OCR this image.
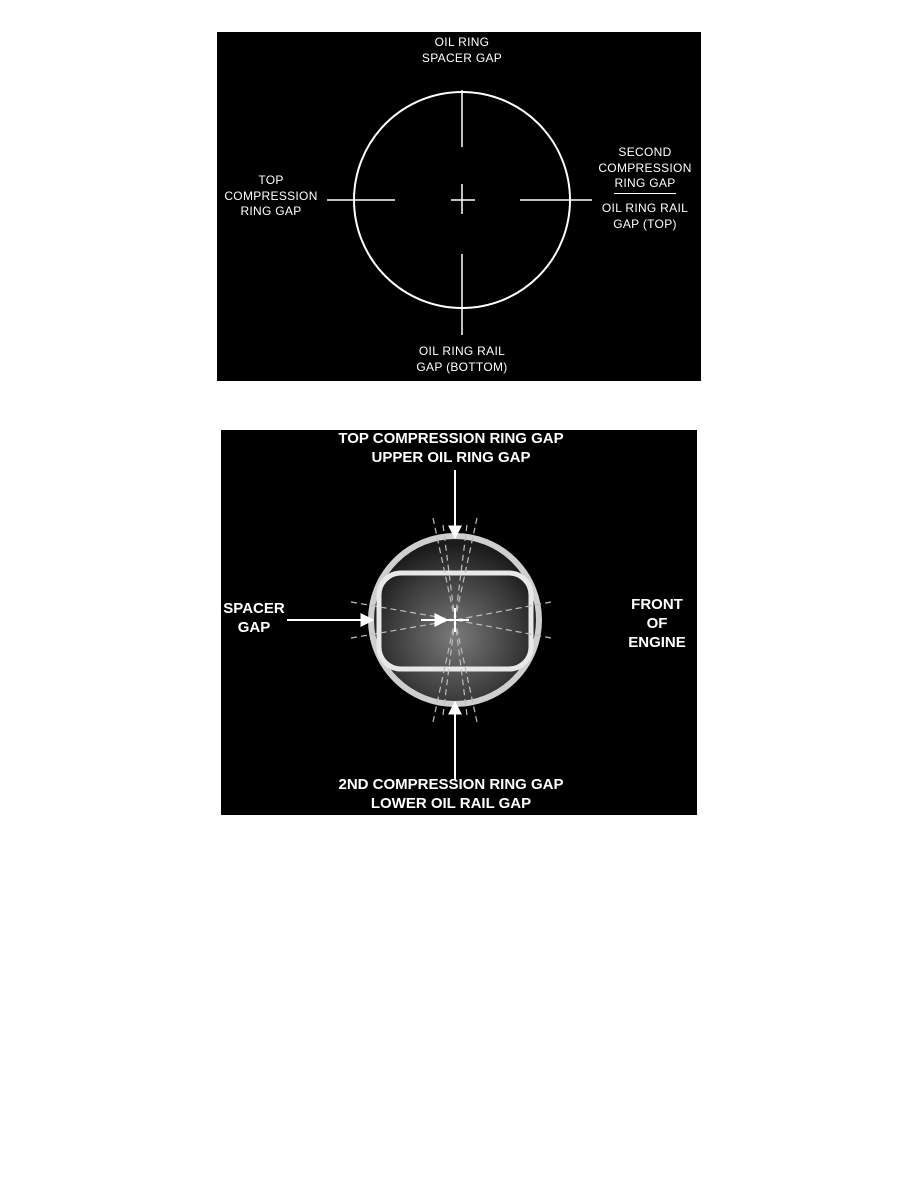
OIL RING
SPACER GAP
TOP
COMPRESSION
RING GAP
SECOND
COMPRESSION
RING GAP
OIL RING RAIL
GAP (TOP)
OIL RING RAIL
GAP (BOTTOM)
TOP COMPRESSION RING GAP
UPPER OIL RING GAP
SPACER
GAP
FRONT
OF
ENGINE
2ND COMPRESSION RING GAP
LOWER OIL RAIL GAP
